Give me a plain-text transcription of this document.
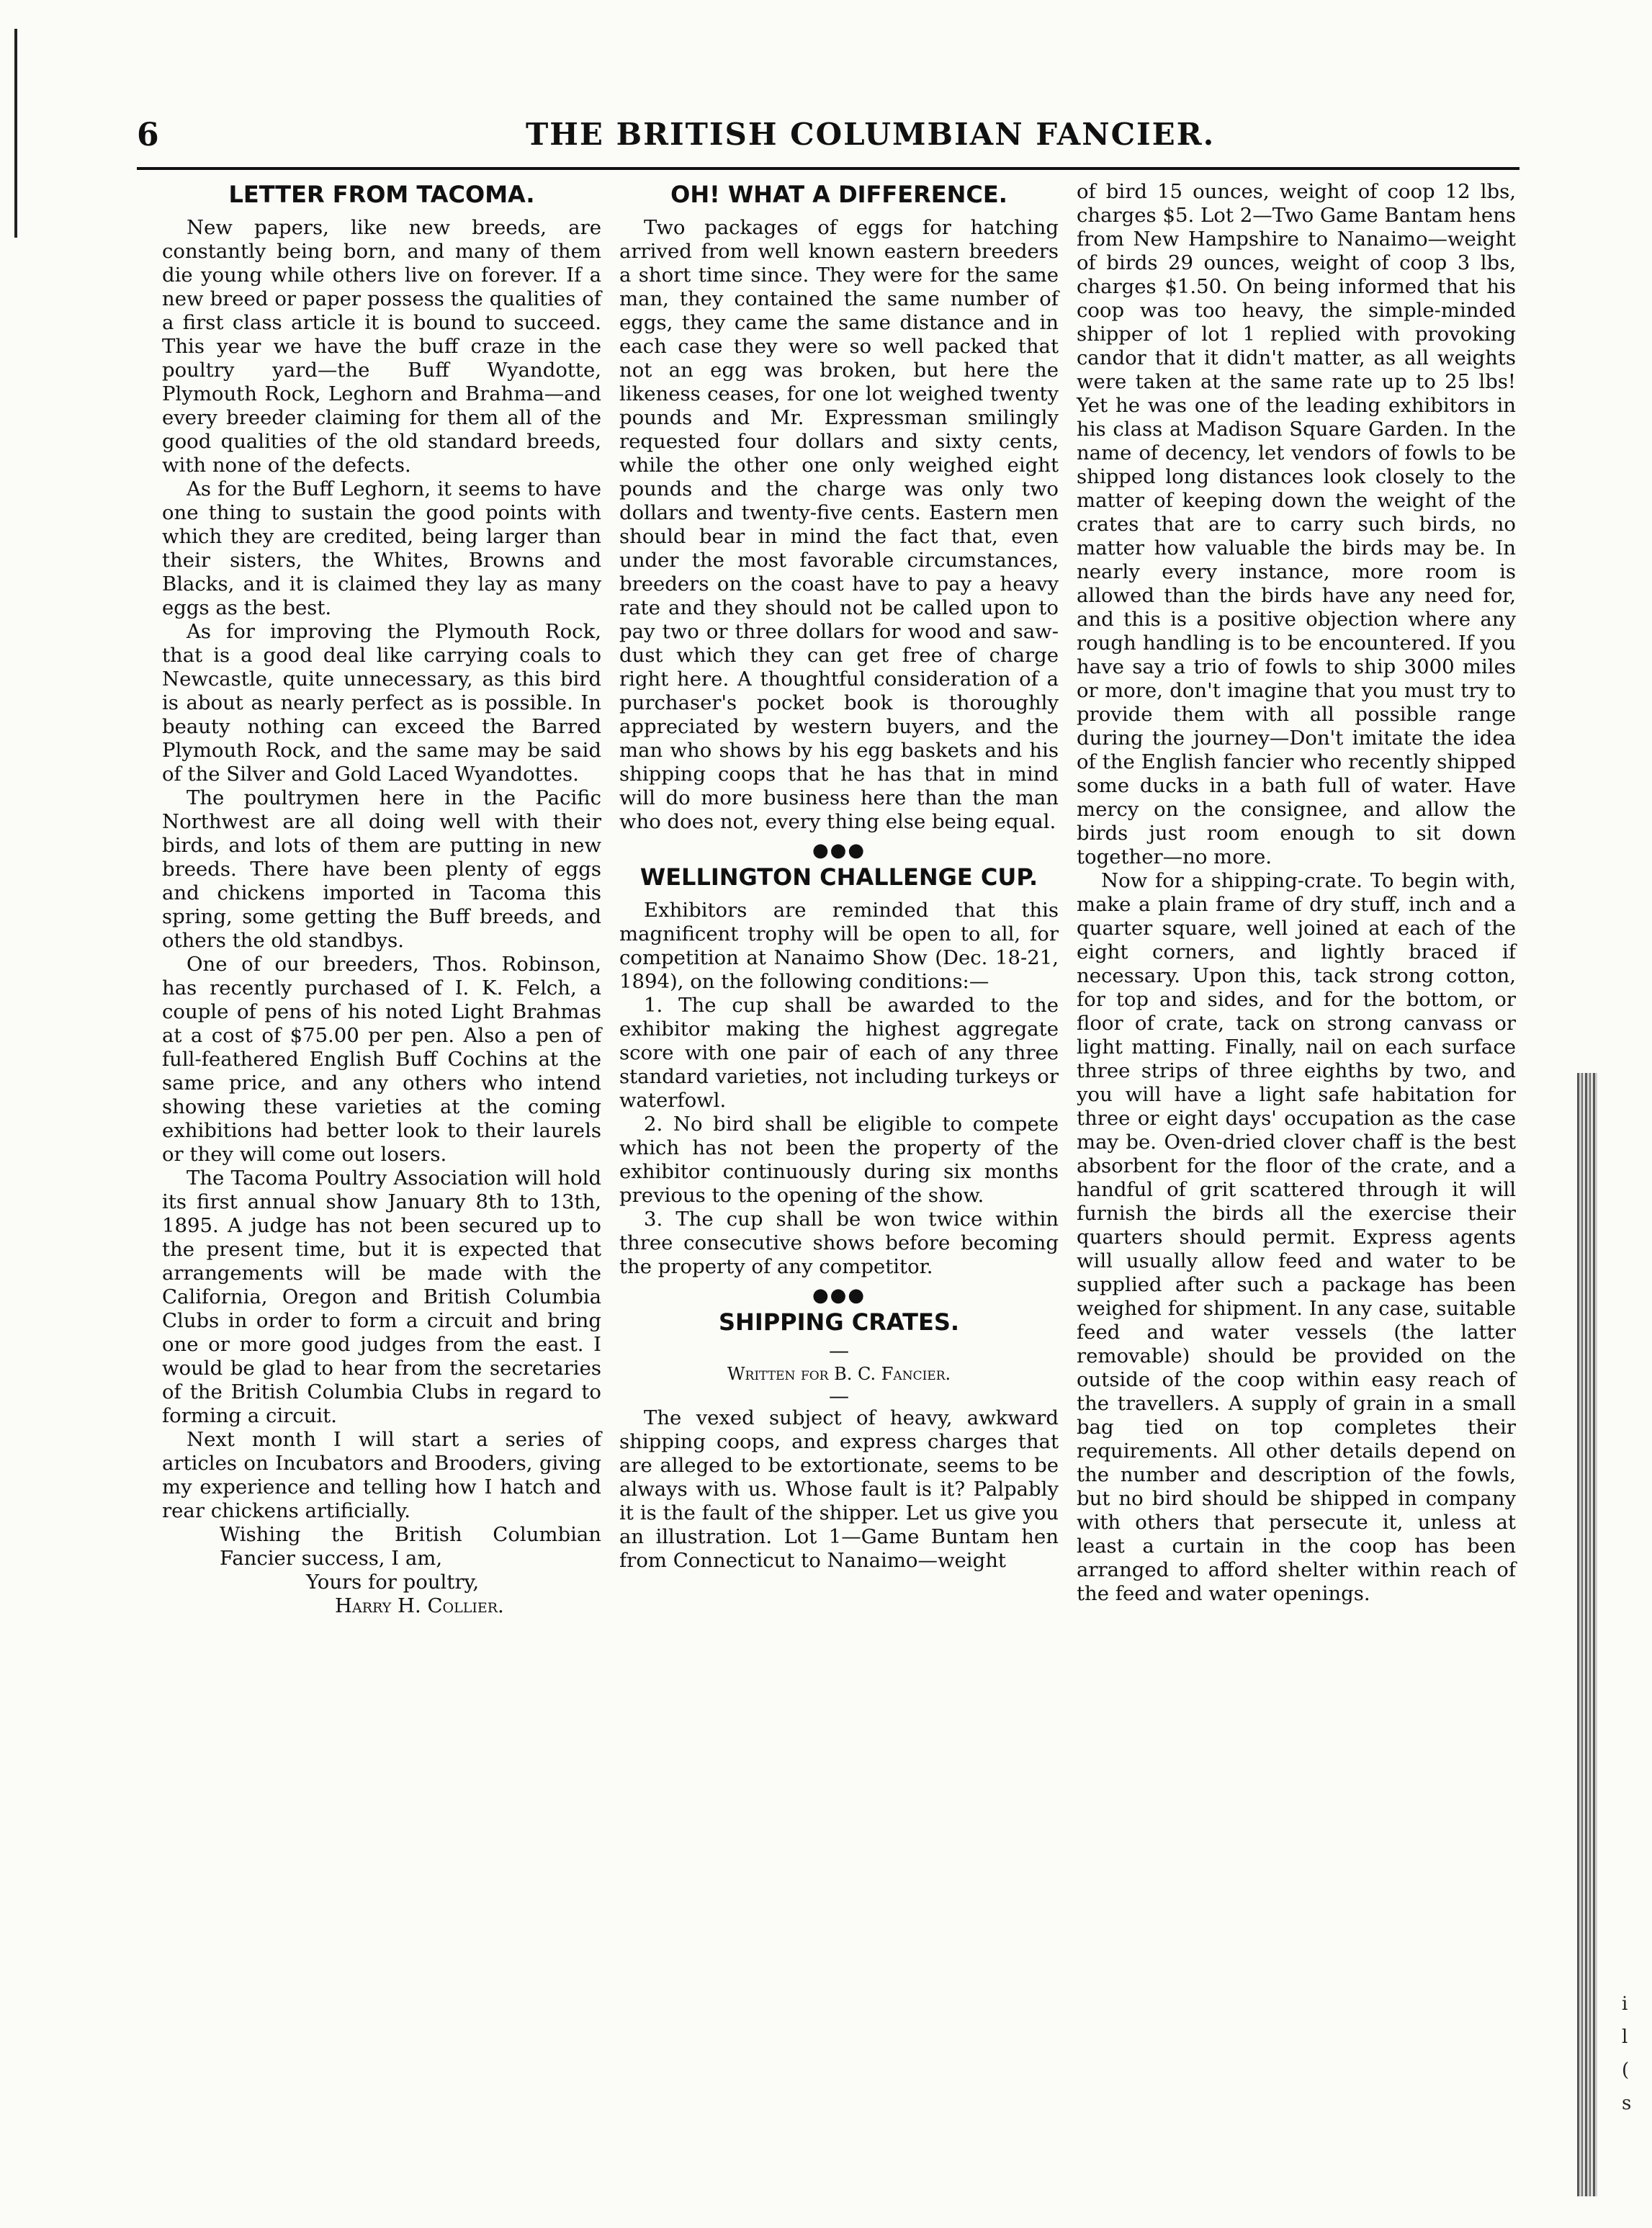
6	THE BRITISH COLUMBIAN FANCIER.
LETTER FROM TACOMA.

New papers, like new breeds, are constantly being born, and many of them die young while others live on forever. If a new breed or paper possess the qualities of a first class article it is bound to succeed. This year we have the buff craze in the poultry yard—the Buff Wyandotte, Plymouth Rock, Leghorn and Brahma—and every breeder claiming for them all of the good qualities of the old standard breeds, with none of the defects.

As for the Buff Leghorn, it seems to have one thing to sustain the good points with which they are credited, being larger than their sisters, the Whites, Browns and Blacks, and it is claimed they lay as many eggs as the best.

As for improving the Plymouth Rock, that is a good deal like carrying coals to Newcastle, quite unnecessary, as this bird is about as nearly perfect as is possible. In beauty nothing can exceed the Barred Plymouth Rock, and the same may be said of the Silver and Gold Laced Wyandottes.

The poultrymen here in the Pacific Northwest are all doing well with their birds, and lots of them are putting in new breeds. There have been plenty of eggs and chickens imported in Tacoma this spring, some getting the Buff breeds, and others the old standbys.

One of our breeders, Thos. Robinson, has recently purchased of I. K. Felch, a couple of pens of his noted Light Brahmas at a cost of $75.00 per pen. Also a pen of full-feathered English Buff Cochins at the same price, and any others who intend showing these varieties at the coming exhibitions had better look to their laurels or they will come out losers.

The Tacoma Poultry Association will hold its first annual show January 8th to 13th, 1895. A judge has not been secured up to the present time, but it is expected that arrangements will be made with the California, Oregon and British Columbia Clubs in order to form a circuit and bring one or more good judges from the east. I would be glad to hear from the secretaries of the British Columbia Clubs in regard to forming a circuit.

Next month I will start a series of articles on Incubators and Brooders, giving my experience and telling how I hatch and rear chickens artificially.

Wishing the British Columbian Fancier success, I am,

Yours for poultry,

Harry H. Collier.

OH! WHAT A DIFFERENCE.

Two packages of eggs for hatching arrived from well known eastern breeders a short time since. They were for the same man, they contained the same number of eggs, they came the same distance and in each case they were so well packed that not an egg was broken, but here the likeness ceases, for one lot weighed twenty pounds and Mr. Expressman smilingly requested four dollars and sixty cents, while the other one only weighed eight pounds and the charge was only two dollars and twenty-five cents. Eastern men should bear in mind the fact that, even under the most favorable circumstances, breeders on the coast have to pay a heavy rate and they should not be called upon to pay two or three dollars for wood and saw-dust which they can get free of charge right here. A thoughtful consideration of a purchaser's pocket book is thoroughly appreciated by western buyers, and the man who shows by his egg baskets and his shipping coops that he has that in mind will do more business here than the man who does not, every thing else being equal.

●●●
WELLINGTON CHALLENGE CUP.

Exhibitors are reminded that this magnificent trophy will be open to all, for competition at Nanaimo Show (Dec. 18-21, 1894), on the following conditions:—

1. The cup shall be awarded to the exhibitor making the highest aggregate score with one pair of each of any three standard varieties, not including turkeys or waterfowl.

2. No bird shall be eligible to compete which has not been the property of the exhibitor continuously during six months previous to the opening of the show.

3. The cup shall be won twice within three consecutive shows before becoming the property of any competitor.

●●●
SHIPPING CRATES.
—
Written for B. C. Fancier.
—

The vexed subject of heavy, awkward shipping coops, and express charges that are alleged to be extortionate, seems to be always with us. Whose fault is it? Palpably it is the fault of the shipper. Let us give you an illustration. Lot 1—Game Buntam hen from Connecticut to Nanaimo—weight

of bird 15 ounces, weight of coop 12 lbs, charges $5. Lot 2—Two Game Bantam hens from New Hampshire to Nanaimo—weight of birds 29 ounces, weight of coop 3 lbs, charges $1.50. On being informed that his coop was too heavy, the simple-minded shipper of lot 1 replied with provoking candor that it didn't matter, as all weights were taken at the same rate up to 25 lbs! Yet he was one of the leading exhibitors in his class at Madison Square Garden. In the name of decency, let vendors of fowls to be shipped long distances look closely to the matter of keeping down the weight of the crates that are to carry such birds, no matter how valuable the birds may be. In nearly every instance, more room is allowed than the birds have any need for, and this is a positive objection where any rough handling is to be encountered. If you have say a trio of fowls to ship 3000 miles or more, don't imagine that you must try to provide them with all possible range during the journey—Don't imitate the idea of the English fancier who recently shipped some ducks in a bath full of water. Have mercy on the consignee, and allow the birds just room enough to sit down together—no more.

Now for a shipping-crate. To begin with, make a plain frame of dry stuff, inch and a quarter square, well joined at each of the eight corners, and lightly braced if necessary. Upon this, tack strong cotton, for top and sides, and for the bottom, or floor of crate, tack on strong canvass or light matting. Finally, nail on each surface three strips of three eighths by two, and you will have a light safe habitation for three or eight days' occupation as the case may be. Oven-dried clover chaff is the best absorbent for the floor of the crate, and a handful of grit scattered through it will furnish the birds all the exercise their quarters should permit. Express agents will usually allow feed and water to be supplied after such a package has been weighed for shipment. In any case, suitable feed and water vessels (the latter removable) should be provided on the outside of the coop within easy reach of the travellers. A supply of grain in a small bag tied on top completes their requirements. All other details depend on the number and description of the fowls, but no bird should be shipped in company with others that persecute it, unless at least a curtain in the coop has been arranged to afford shelter within reach of the feed and water openings.

i
l
(
s
